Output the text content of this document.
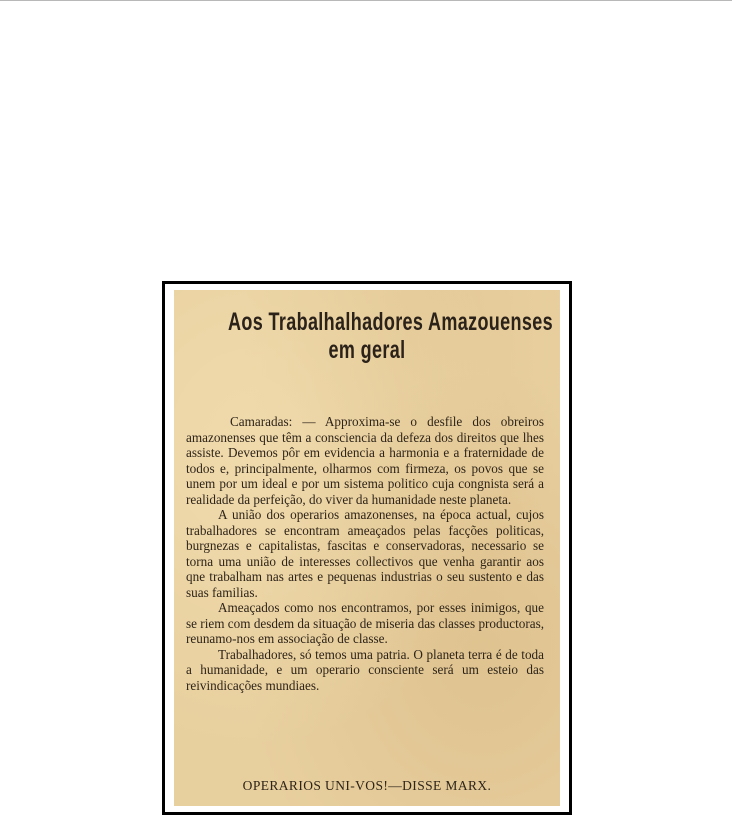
Aos Trabalhalhadores Amazouenses
em geral

Camaradas: — Approxima-se o desfile dos obreiros amazonenses que têm a consciencia da defeza dos direitos que lhes assiste. Devemos pôr em evidencia a harmonia e a fraternidade de todos e, principalmente, olharmos com firmeza, os povos que se unem por um ideal e por um sistema politico cuja congnista será a realidade da perfeição, do viver da humanidade neste planeta.

A união dos operarios amazonenses, na época actual, cujos trabalhadores se encontram ameaçados pelas facções politicas, burgnezas e capitalistas, fascitas e conservadoras, necessario se torna uma união de interesses collectivos que venha garantir aos qne trabalham nas artes e pequenas industrias o seu sustento e das suas familias.

Ameaçados como nos encontramos, por esses inimigos, que se riem com desdem da situação de miseria das classes productoras, reunamo-nos em associação de classe.

Trabalhadores, só temos uma patria. O planeta terra é de toda a humanidade, e um operario consciente será um esteio das reivindicações mundiaes.

OPERARIOS UNI-VOS!—DISSE MARX.
